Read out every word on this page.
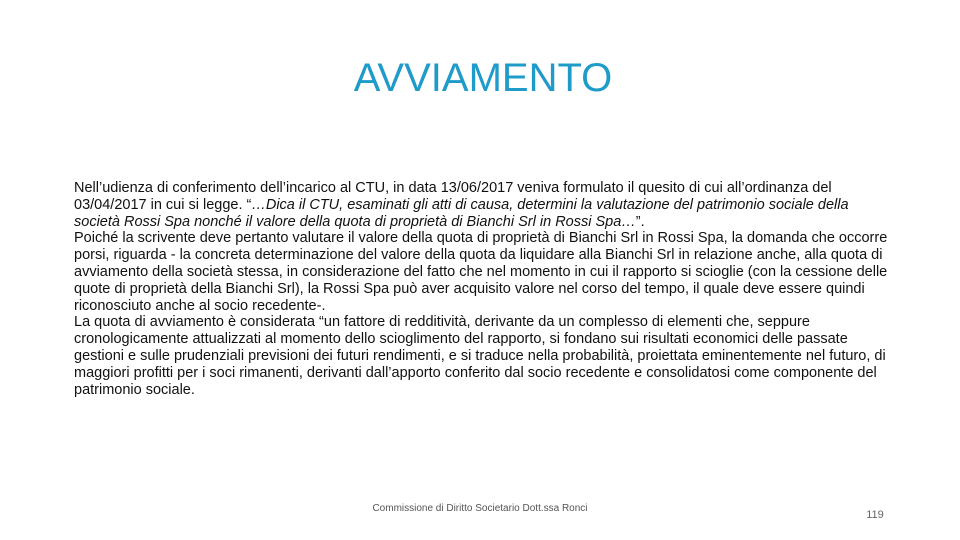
AVVIAMENTO

Nell’udienza di conferimento dell’incarico al CTU, in data 13/06/2017 veniva formulato il quesito di cui all’ordinanza del 03/04/2017 in cui si legge. “…Dica il CTU, esaminati gli atti di causa, determini la valutazione del patrimonio sociale della società Rossi Spa nonché il valore della quota di proprietà di Bianchi Srl in Rossi Spa…”.

Poiché la scrivente deve pertanto valutare il valore della quota di proprietà di Bianchi Srl in Rossi Spa, la domanda che occorre porsi, riguarda - la concreta determinazione del valore della quota da liquidare alla Bianchi Srl in relazione anche, alla quota di avviamento della società stessa, in considerazione del fatto che nel momento in cui il rapporto si scioglie (con la cessione delle quote di proprietà della Bianchi Srl), la Rossi Spa può aver acquisito valore nel corso del tempo, il quale deve essere quindi riconosciuto anche al socio recedente-.

La quota di avviamento è considerata “un fattore di redditività, derivante da un complesso di elementi che, seppure cronologicamente attualizzati al momento dello scioglimento del rapporto, si fondano sui risultati economici delle passate gestioni e sulle prudenziali previsioni dei futuri rendimenti, e si traduce nella probabilità, proiettata eminentemente nel futuro, di maggiori profitti per i soci rimanenti, derivanti dall’apporto conferito dal socio recedente e consolidatosi come componente del patrimonio sociale.

Commissione di Diritto Societario Dott.ssa Ronci
119
